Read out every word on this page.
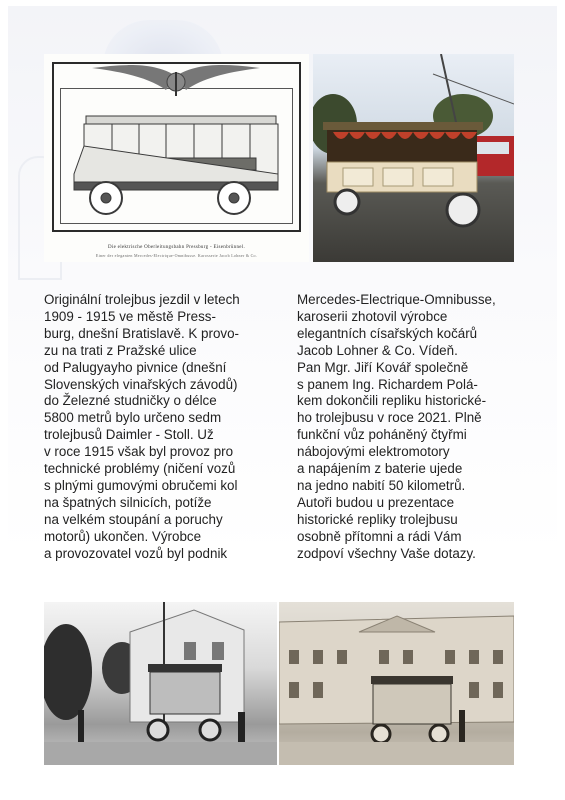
Die elektrische Oberleitungsbahn Pressburg - Eisenbrünnel.
Einer der eleganten Mercedes-Electrique-Omnibusse. Karosserie Jacob Lohner & Co.
Originální trolejbus jezdil v letech
1909 - 1915 ve městě Press-
burg, dnešní Bratislavě. K provo-
zu na trati z Pražské ulice
od Palugyayho pivnice (dnešní
Slovenských vinařských závodů)
do Železné studničky o délce
5800 metrů bylo určeno sedm
trolejbusů Daimler - Stoll. Už
v roce 1915 však byl provoz pro
technické problémy (ničení vozů
s plnými gumovými obručemi kol
na špatných silnicích, potíže
na velkém stoupání a poruchy
motorů) ukončen. Výrobce
a provozovatel vozů byl podnik
Mercedes-Electrique-Omnibusse,
karoserii zhotovil výrobce
elegantních císařských kočárů
Jacob Lohner & Co. Vídeň.
Pan Mgr. Jiří Kovář společně
s panem Ing. Richardem Polá-
kem dokončili repliku historické-
ho trolejbusu v roce 2021. Plně
funkční vůz poháněný čtyřmi
nábojovými elektromotory
a napájením z baterie ujede
na jedno nabití 50 kilometrů.
Autoři budou u prezentace
historické repliky trolejbusu
osobně přítomni a rádi Vám
zodpoví všechny Vaše dotazy.
